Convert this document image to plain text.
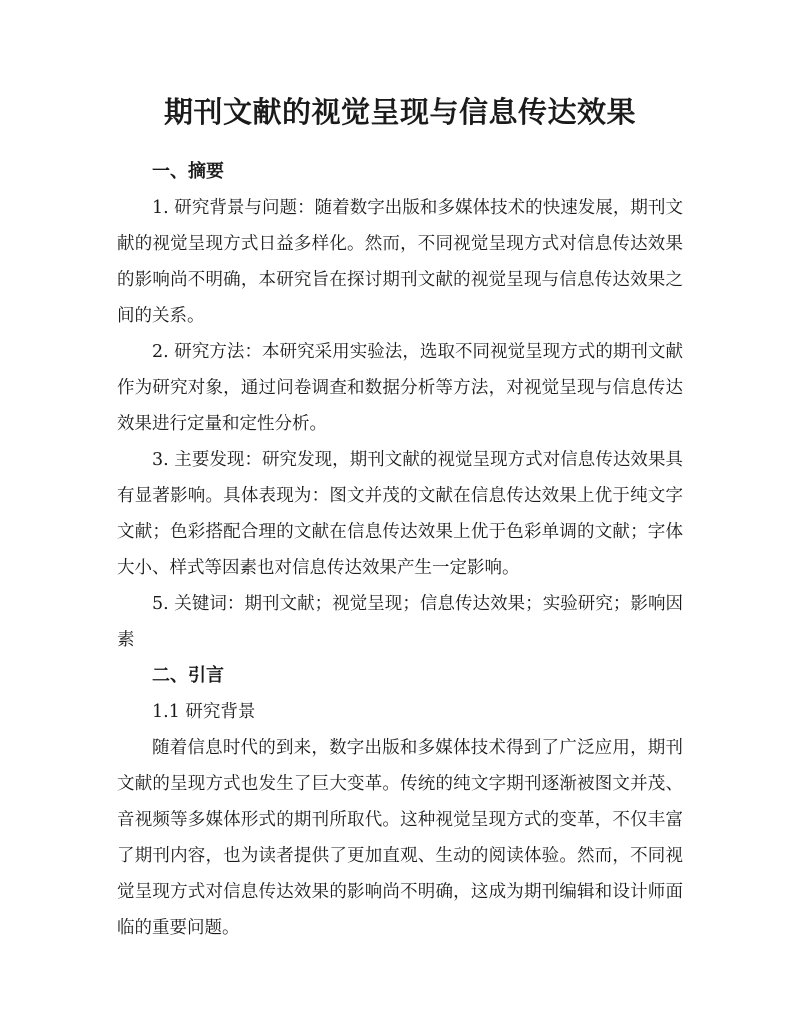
期刊文献的视觉呈现与信息传达效果
一、摘要

1. 研究背景与问题：随着数字出版和多媒体技术的快速发展，期刊文献的视觉呈现方式日益多样化。然而，不同视觉呈现方式对信息传达效果的影响尚不明确，本研究旨在探讨期刊文献的视觉呈现与信息传达效果之间的关系。

2. 研究方法：本研究采用实验法，选取不同视觉呈现方式的期刊文献作为研究对象，通过问卷调查和数据分析等方法，对视觉呈现与信息传达效果进行定量和定性分析。

3. 主要发现：研究发现，期刊文献的视觉呈现方式对信息传达效果具有显著影响。具体表现为：图文并茂的文献在信息传达效果上优于纯文字文献；色彩搭配合理的文献在信息传达效果上优于色彩单调的文献；字体大小、样式等因素也对信息传达效果产生一定影响。

5. 关键词：期刊文献；视觉呈现；信息传达效果；实验研究；影响因素

二、引言

1.1 研究背景

随着信息时代的到来，数字出版和多媒体技术得到了广泛应用，期刊文献的呈现方式也发生了巨大变革。传统的纯文字期刊逐渐被图文并茂、音视频等多媒体形式的期刊所取代。这种视觉呈现方式的变革，不仅丰富了期刊内容，也为读者提供了更加直观、生动的阅读体验。然而，不同视觉呈现方式对信息传达效果的影响尚不明确，这成为期刊编辑和设计师面临的重要问题。
